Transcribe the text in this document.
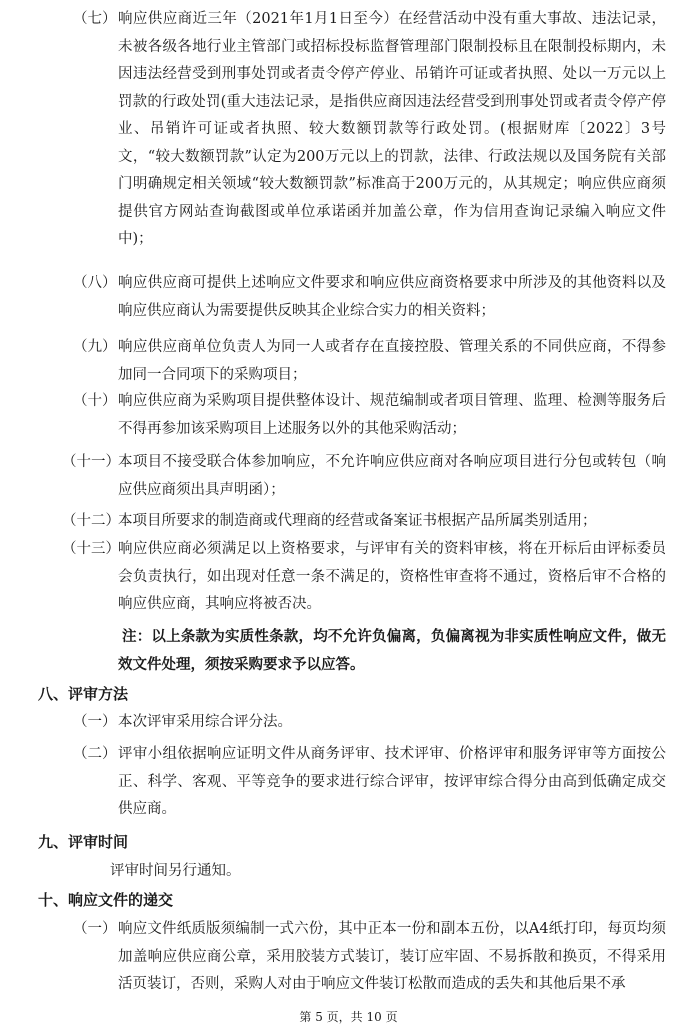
（七） 响应供应商近三年（2021年1月1日至今）在经营活动中没有重大事故、违法记录，未被各级各地行业主管部门或招标投标监督管理部门限制投标且在限制投标期内，未因违法经营受到刑事处罚或者责令停产停业、吊销许可证或者执照、处以一万元以上罚款的行政处罚(重大违法记录，是指供应商因违法经营受到刑事处罚或者责令停产停业、吊销许可证或者执照、较大数额罚款等行政处罚。(根据财库〔2022〕3号文，“较大数额罚款”认定为200万元以上的罚款，法律、行政法规以及国务院有关部门明确规定相关领域“较大数额罚款”标准高于200万元的，从其规定；响应供应商须提供官方网站查询截图或单位承诺函并加盖公章，作为信用查询记录编入响应文件中)；
（八） 响应供应商可提供上述响应文件要求和响应供应商资格要求中所涉及的其他资料以及响应供应商认为需要提供反映其企业综合实力的相关资料；
（九） 响应供应商单位负责人为同一人或者存在直接控股、管理关系的不同供应商，不得参加同一合同项下的采购项目；
（十） 响应供应商为采购项目提供整体设计、规范编制或者项目管理、监理、检测等服务后不得再参加该采购项目上述服务以外的其他采购活动；
（十一）
本项目不接受联合体参加响应，不允许响应供应商对各响应项目进行分包或转包（响应供应商须出具声明函）；
（十二）
本项目所要求的制造商或代理商的经营或备案证书根据产品所属类别适用；
（十三）
响应供应商必须满足以上资格要求，与评审有关的资料审核，将在开标后由评标委员会负责执行，如出现对任意一条不满足的，资格性审查将不通过，资格后审不合格的响应供应商，其响应将被否决。
注：以上条款为实质性条款，均不允许负偏离，负偏离视为非实质性响应文件，做无效文件处理，须按采购要求予以应答。
八、评审方法
（一） 本次评审采用综合评分法。
（二） 评审小组依据响应证明文件从商务评审、技术评审、价格评审和服务评审等方面按公正、科学、客观、平等竞争的要求进行综合评审，按评审综合得分由高到低确定成交供应商。
九、评审时间
评审时间另行通知。
十、响应文件的递交
（一） 响应文件纸质版须编制一式六份，其中正本一份和副本五份，以A4纸打印，每页均须加盖响应供应商公章，采用胶装方式装订，装订应牢固、不易拆散和换页，不得采用活页装订，否则，采购人对由于响应文件装订松散而造成的丢失和其他后果不承
第 5 页，共 10 页
